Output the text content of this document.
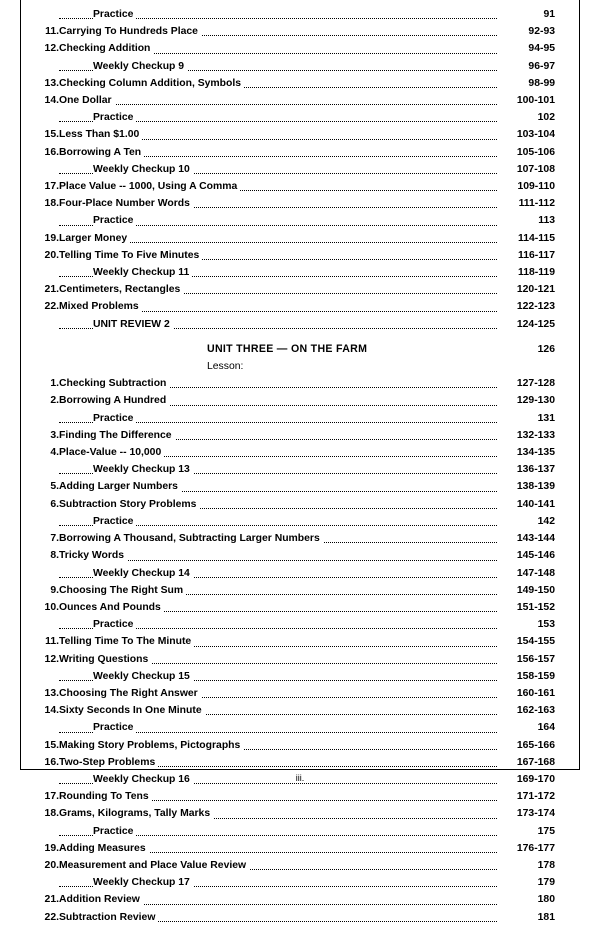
Practice	91
11.	Carrying To Hundreds Place	92-93
12.	Checking Addition	94-95

Weekly Checkup 9	96-97
13.	Checking Column Addition, Symbols	98-99
14.	One Dollar	100-101

Practice	102
15.	Less Than $1.00	103-104
16.	Borrowing A Ten	105-106

Weekly Checkup 10	107-108
17.	Place Value -- 1000, Using A Comma	109-110
18.	Four-Place Number Words	111-112

Practice	113
19.	Larger Money	114-115
20.	Telling Time To Five Minutes	116-117

Weekly Checkup 11	118-119
21.	Centimeters, Rectangles	120-121
22.	Mixed Problems	122-123

UNIT REVIEW 2	124-125

	UNIT THREE — ON THE FARM	126
	Lesson:	
1.	Checking Subtraction	127-128
2.	Borrowing A Hundred	129-130

Practice	131
3.	Finding The Difference	132-133
4.	Place-Value -- 10,000	134-135

Weekly Checkup 13	136-137
5.	Adding Larger Numbers	138-139
6.	Subtraction Story Problems	140-141

Practice	142
7.	Borrowing A Thousand, Subtracting Larger Numbers	143-144
8.	Tricky Words	145-146

Weekly Checkup 14	147-148
9.	Choosing The Right Sum	149-150
10.	Ounces And Pounds	151-152

Practice	153
11.	Telling Time To The Minute	154-155
12.	Writing Questions	156-157

Weekly Checkup 15	158-159
13.	Choosing The Right Answer	160-161
14.	Sixty Seconds In One Minute	162-163

Practice	164
15.	Making Story Problems, Pictographs	165-166
16.	Two-Step Problems	167-168

Weekly Checkup 16	169-170
17.	Rounding To Tens	171-172
18.	Grams, Kilograms, Tally Marks	173-174

Practice	175
19.	Adding Measures	176-177
20.	Measurement and Place Value Review	178

Weekly Checkup 17	179
21.	Addition Review	180
22.	Subtraction Review	181
iii.
